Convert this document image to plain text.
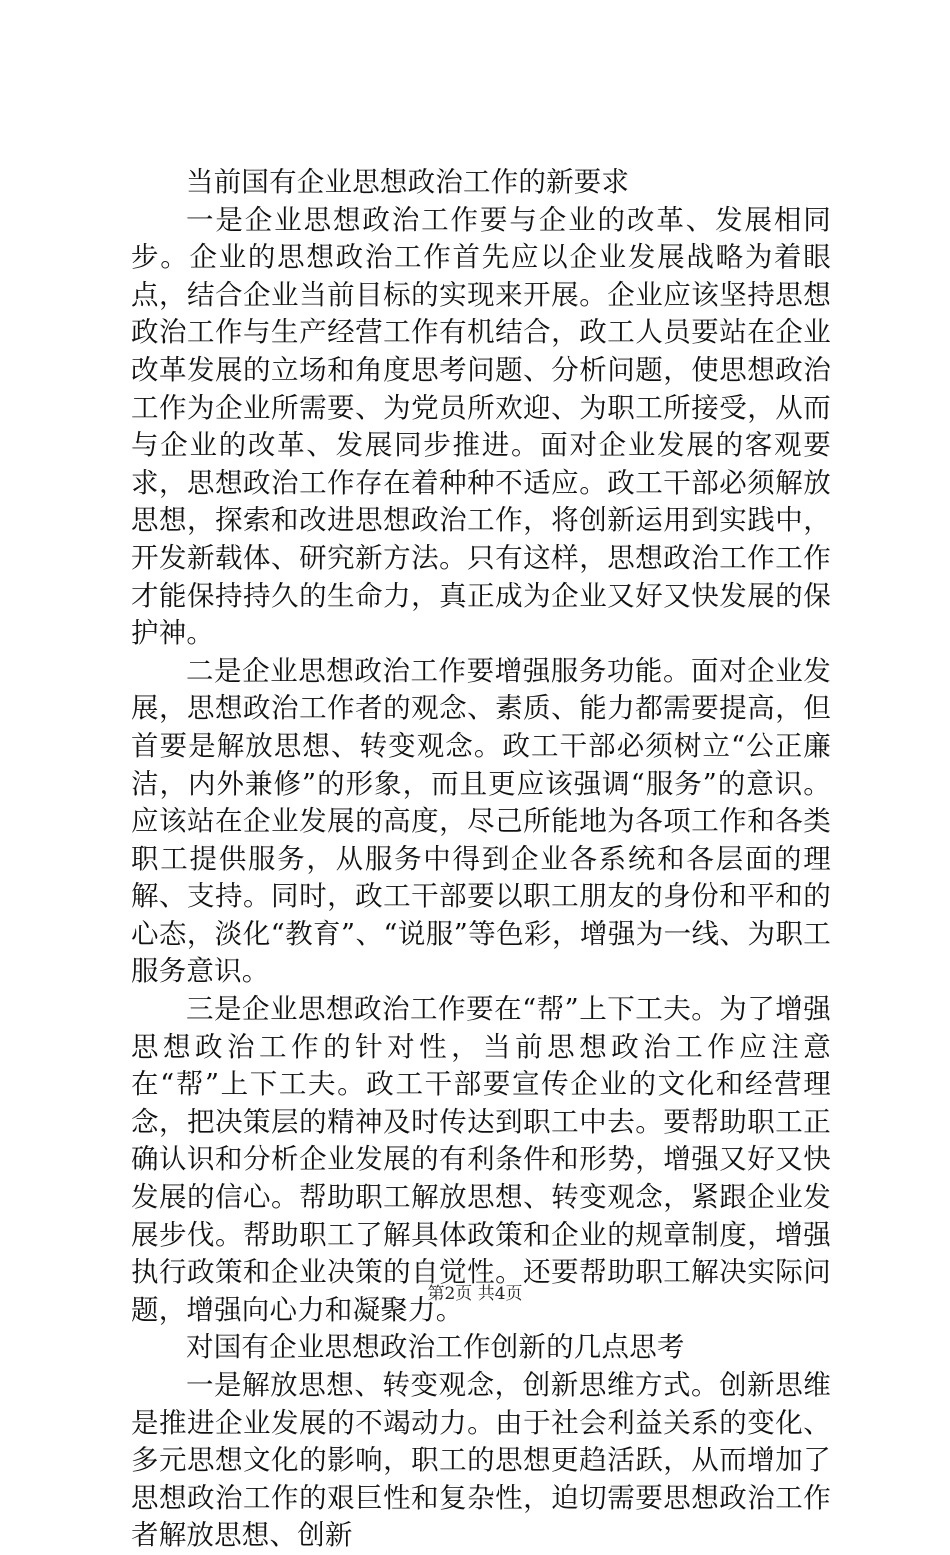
当前国有企业思想政治工作的新要求

一是企业思想政治工作要与企业的改革、发展相同步。企业的思想政治工作首先应以企业发展战略为着眼点，结合企业当前目标的实现来开展。企业应该坚持思想政治工作与生产经营工作有机结合，政工人员要站在企业改革发展的立场和角度思考问题、分析问题，使思想政治工作为企业所需要、为党员所欢迎、为职工所接受，从而与企业的改革、发展同步推进。面对企业发展的客观要求，思想政治工作存在着种种不适应。政工干部必须解放思想，探索和改进思想政治工作，将创新运用到实践中，开发新载体、研究新方法。只有这样，思想政治工作工作才能保持持久的生命力，真正成为企业又好又快发展的保护神。

二是企业思想政治工作要增强服务功能。面对企业发展，思想政治工作者的观念、素质、能力都需要提高，但首要是解放思想、转变观念。政工干部必须树立“公正廉洁，内外兼修”的形象，而且更应该强调“服务”的意识。应该站在企业发展的高度，尽己所能地为各项工作和各类职工提供服务，从服务中得到企业各系统和各层面的理解、支持。同时，政工干部要以职工朋友的身份和平和的心态，淡化“教育”、“说服”等色彩，增强为一线、为职工服务意识。

三是企业思想政治工作要在“帮”上下工夫。为了增强思想政治工作的针对性，当前思想政治工作应注意在“帮”上下工夫。政工干部要宣传企业的文化和经营理念，把决策层的精神及时传达到职工中去。要帮助职工正确认识和分析企业发展的有利条件和形势，增强又好又快发展的信心。帮助职工解放思想、转变观念，紧跟企业发展步伐。帮助职工了解具体政策和企业的规章制度，增强执行政策和企业决策的自觉性。还要帮助职工解决实际问题，增强向心力和凝聚力。

对国有企业思想政治工作创新的几点思考

一是解放思想、转变观念，创新思维方式。创新思维是推进企业发展的不竭动力。由于社会利益关系的变化、多元思想文化的影响，职工的思想更趋活跃，从而增加了思想政治工作的艰巨性和复杂性，迫切需要思想政治工作者解放思想、创新

第2页 共4页
